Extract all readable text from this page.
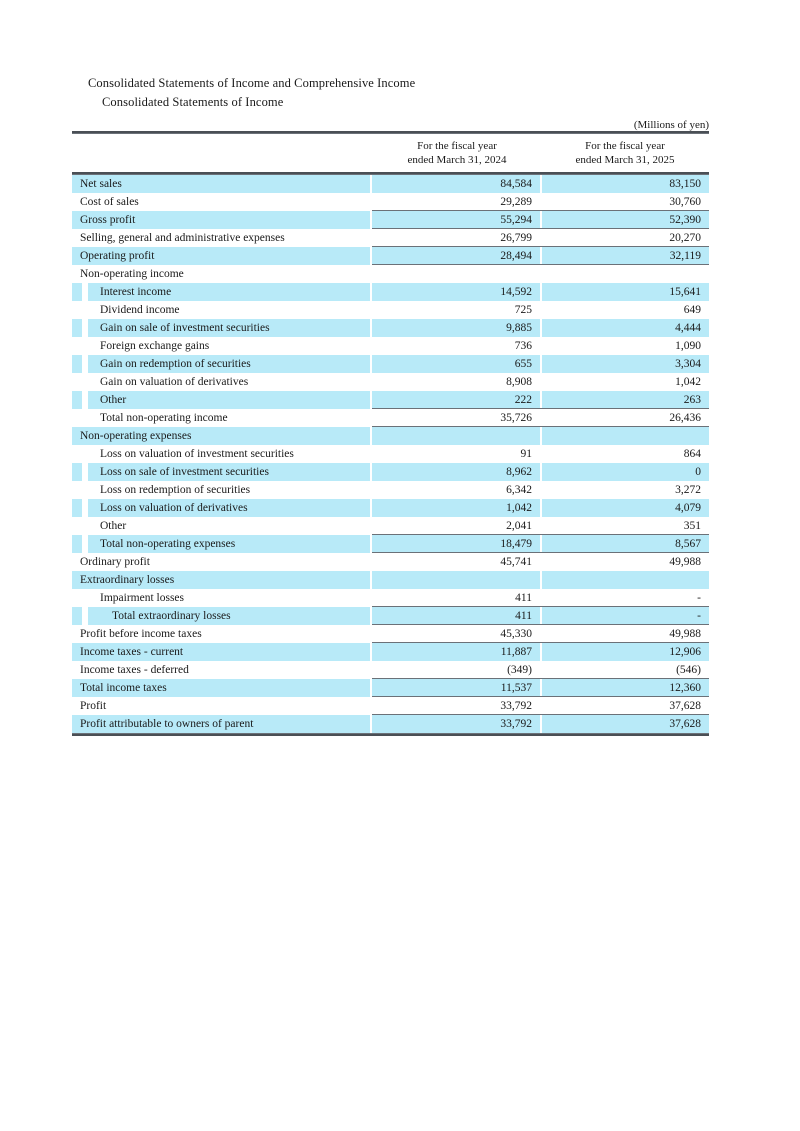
Consolidated Statements of Income and Comprehensive Income
Consolidated Statements of Income
(Millions of yen)
For the fiscal year
ended March 31, 2024
For the fiscal year
ended March 31, 2025
Net sales	84,584	83,150
Cost of sales	29,289	30,760
Gross profit	55,294	52,390
Selling, general and administrative expenses	26,799	20,270
Operating profit	28,494	32,119
Non-operating income
Interest income	14,592	15,641
Dividend income	725	649
Gain on sale of investment securities	9,885	4,444
Foreign exchange gains	736	1,090
Gain on redemption of securities	655	3,304
Gain on valuation of derivatives	8,908	1,042
Other	222	263
Total non-operating income	35,726	26,436
Non-operating expenses
Loss on valuation of investment securities	91	864
Loss on sale of investment securities	8,962	0
Loss on redemption of securities	6,342	3,272
Loss on valuation of derivatives	1,042	4,079
Other	2,041	351
Total non-operating expenses	18,479	8,567
Ordinary profit	45,741	49,988
Extraordinary losses
Impairment losses	411	-
Total extraordinary losses	411	-
Profit before income taxes	45,330	49,988
Income taxes - current	11,887	12,906
Income taxes - deferred	(349)	(546)
Total income taxes	11,537	12,360
Profit	33,792	37,628
Profit attributable to owners of parent	33,792	37,628
